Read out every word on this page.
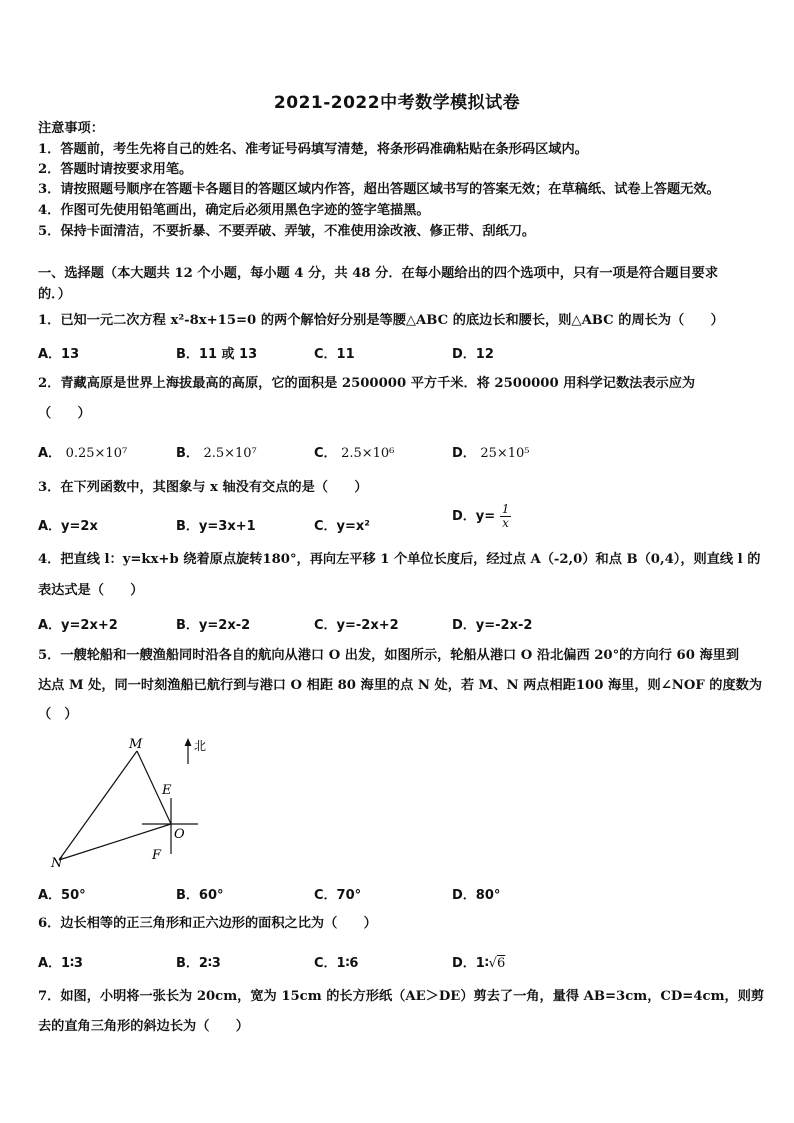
2021-2022中考数学模拟试卷
注意事项：
1．答题前，考生先将自己的姓名、准考证号码填写清楚，将条形码准确粘贴在条形码区域内。
2．答题时请按要求用笔。
3．请按照题号顺序在答题卡各题目的答题区域内作答，超出答题区域书写的答案无效；在草稿纸、试卷上答题无效。
4．作图可先使用铅笔画出，确定后必须用黑色字迹的签字笔描黑。
5．保持卡面清洁，不要折暴、不要弄破、弄皱，不准使用涂改液、修正带、刮纸刀。
一、选择题（本大题共 12 个小题，每小题 4 分，共 48 分．在每小题给出的四个选项中，只有一项是符合题目要求
的．）
1．已知一元二次方程 x²-8x+15=0 的两个解恰好分别是等腰△ABC 的底边长和腰长，则△ABC 的周长为（　　）
A．13	B．11 或 13	C．11	D．12
2．青藏高原是世界上海拔最高的高原，它的面积是 2500000 平方千米．将 2500000 用科学记数法表示应为
（　　）
A． 0.25×10⁷	B． 2.5×10⁷	C． 2.5×10⁶	D． 25×10⁵
3．在下列函数中，其图象与 x 轴没有交点的是（　　）
A．y=2x	B．y=3x+1	C．y=x²
D．$y= \frac{1}{x}$
4．把直线 l：y=kx+b 绕着原点旋转180°，再向左平移 1 个单位长度后，经过点 A（-2,0）和点 B（0,4），则直线 l 的
表达式是（　　）
A．y=2x+2	B．y=2x-2	C．y=-2x+2	D．y=-2x-2
5．一艘轮船和一艘渔船同时沿各自的航向从港口 O 出发，如图所示，轮船从港口 O 沿北偏西 20°的方向行 60 海里到
达点 M 处，同一时刻渔船已航行到与港口 O 相距 80 海里的点 N 处，若 M、N 两点相距100 海里，则∠NOF 的度数为
（　）
M
N
E
O
F
北
A．50°	B．60°	C．70°	D．80°
6．边长相等的正三角形和正六边形的面积之比为（　　）
A．1∶3	B．2∶3	C．1∶6	D．1∶√6
7．如图，小明将一张长为 20cm，宽为 15cm 的长方形纸（AE＞DE）剪去了一角，量得 AB=3cm，CD=4cm，则剪
去的直角三角形的斜边长为（　　）
